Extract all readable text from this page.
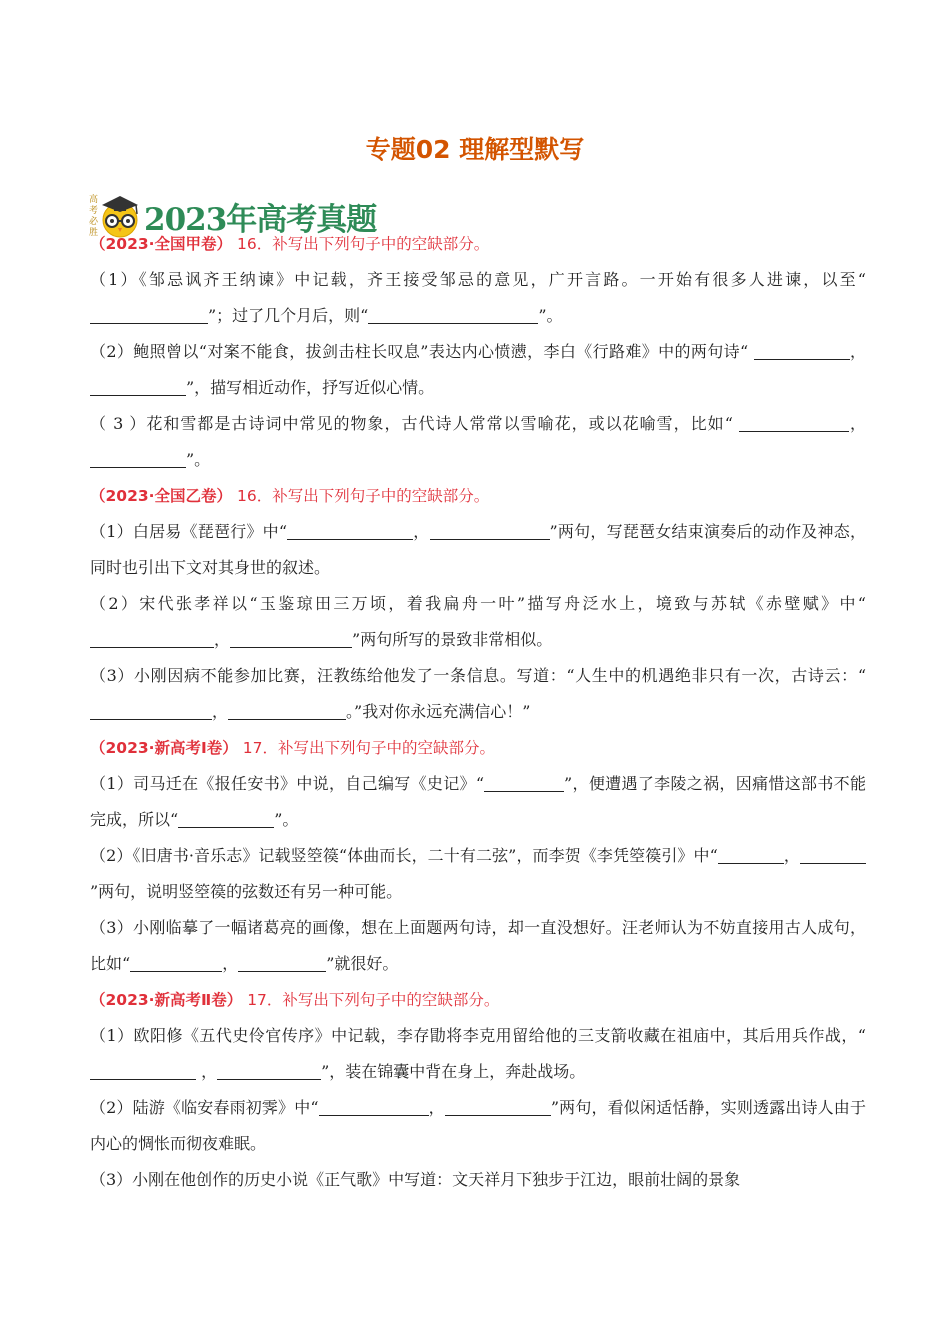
专题02 理解型默写
高
考
必
胜 2023年高考真题

（2023·全国甲卷） 16．补写出下列句子中的空缺部分。

（1）《邹忌讽齐王纳谏》中记载，齐王接受邹忌的意见，广开言路。一开始有很多人进谏，以至“”；过了几个月后，则“	”。

（2）鲍照曾以“对案不能食，拔剑击柱长叹息”表达内心愤懑，李白《行路难》中的两句诗“	，”，描写相近动作，抒写近似心情。

（ 3 ）花和雪都是古诗词中常见的物象，古代诗人常常以雪喻花，或以花喻雪，比如“	，”。

（2023·全国乙卷） 16．补写出下列句子中的空缺部分。

（1）白居易《琵琶行》中“	，	”两句，写琵琶女结束演奏后的动作及神态，同时也引出下文对其身世的叙述。

（2）宋代张孝祥以“玉鉴琼田三万顷，着我扁舟一叶”描写舟泛水上，境致与苏轼《赤壁赋》中“，	”两句所写的景致非常相似。

（3）小刚因病不能参加比赛，汪教练给他发了一条信息。写道：“人生中的机遇绝非只有一次，古诗云：“，	。”我对你永远充满信心！”

（2023·新高考Ⅰ卷） 17．补写出下列句子中的空缺部分。

（1）司马迁在《报任安书》中说，自己编写《史记》“	”，便遭遇了李陵之祸，因痛惜这部书不能完成，所以“	”。

（2）《旧唐书·音乐志》记载竖箜篌“体曲而长，二十有二弦”，而李贺《李凭箜篌引》中“	，”两句，说明竖箜篌的弦数还有另一种可能。

（3）小刚临摹了一幅诸葛亮的画像，想在上面题两句诗，却一直没想好。汪老师认为不妨直接用古人成句，比如“	，	”就很好。

（2023·新高考Ⅱ卷） 17．补写出下列句子中的空缺部分。

（1）欧阳修《五代史伶官传序》中记载，李存勖将李克用留给他的三支箭收藏在祖庙中，其后用兵作战，“ ，	”，装在锦囊中背在身上，奔赴战场。

（2）陆游《临安春雨初霁》中“	，	”两句，看似闲适恬静，实则透露出诗人由于内心的惆怅而彻夜难眠。

（3）小刚在他创作的历史小说《正气歌》中写道：文天祥月下独步于江边，眼前壮阔的景象
